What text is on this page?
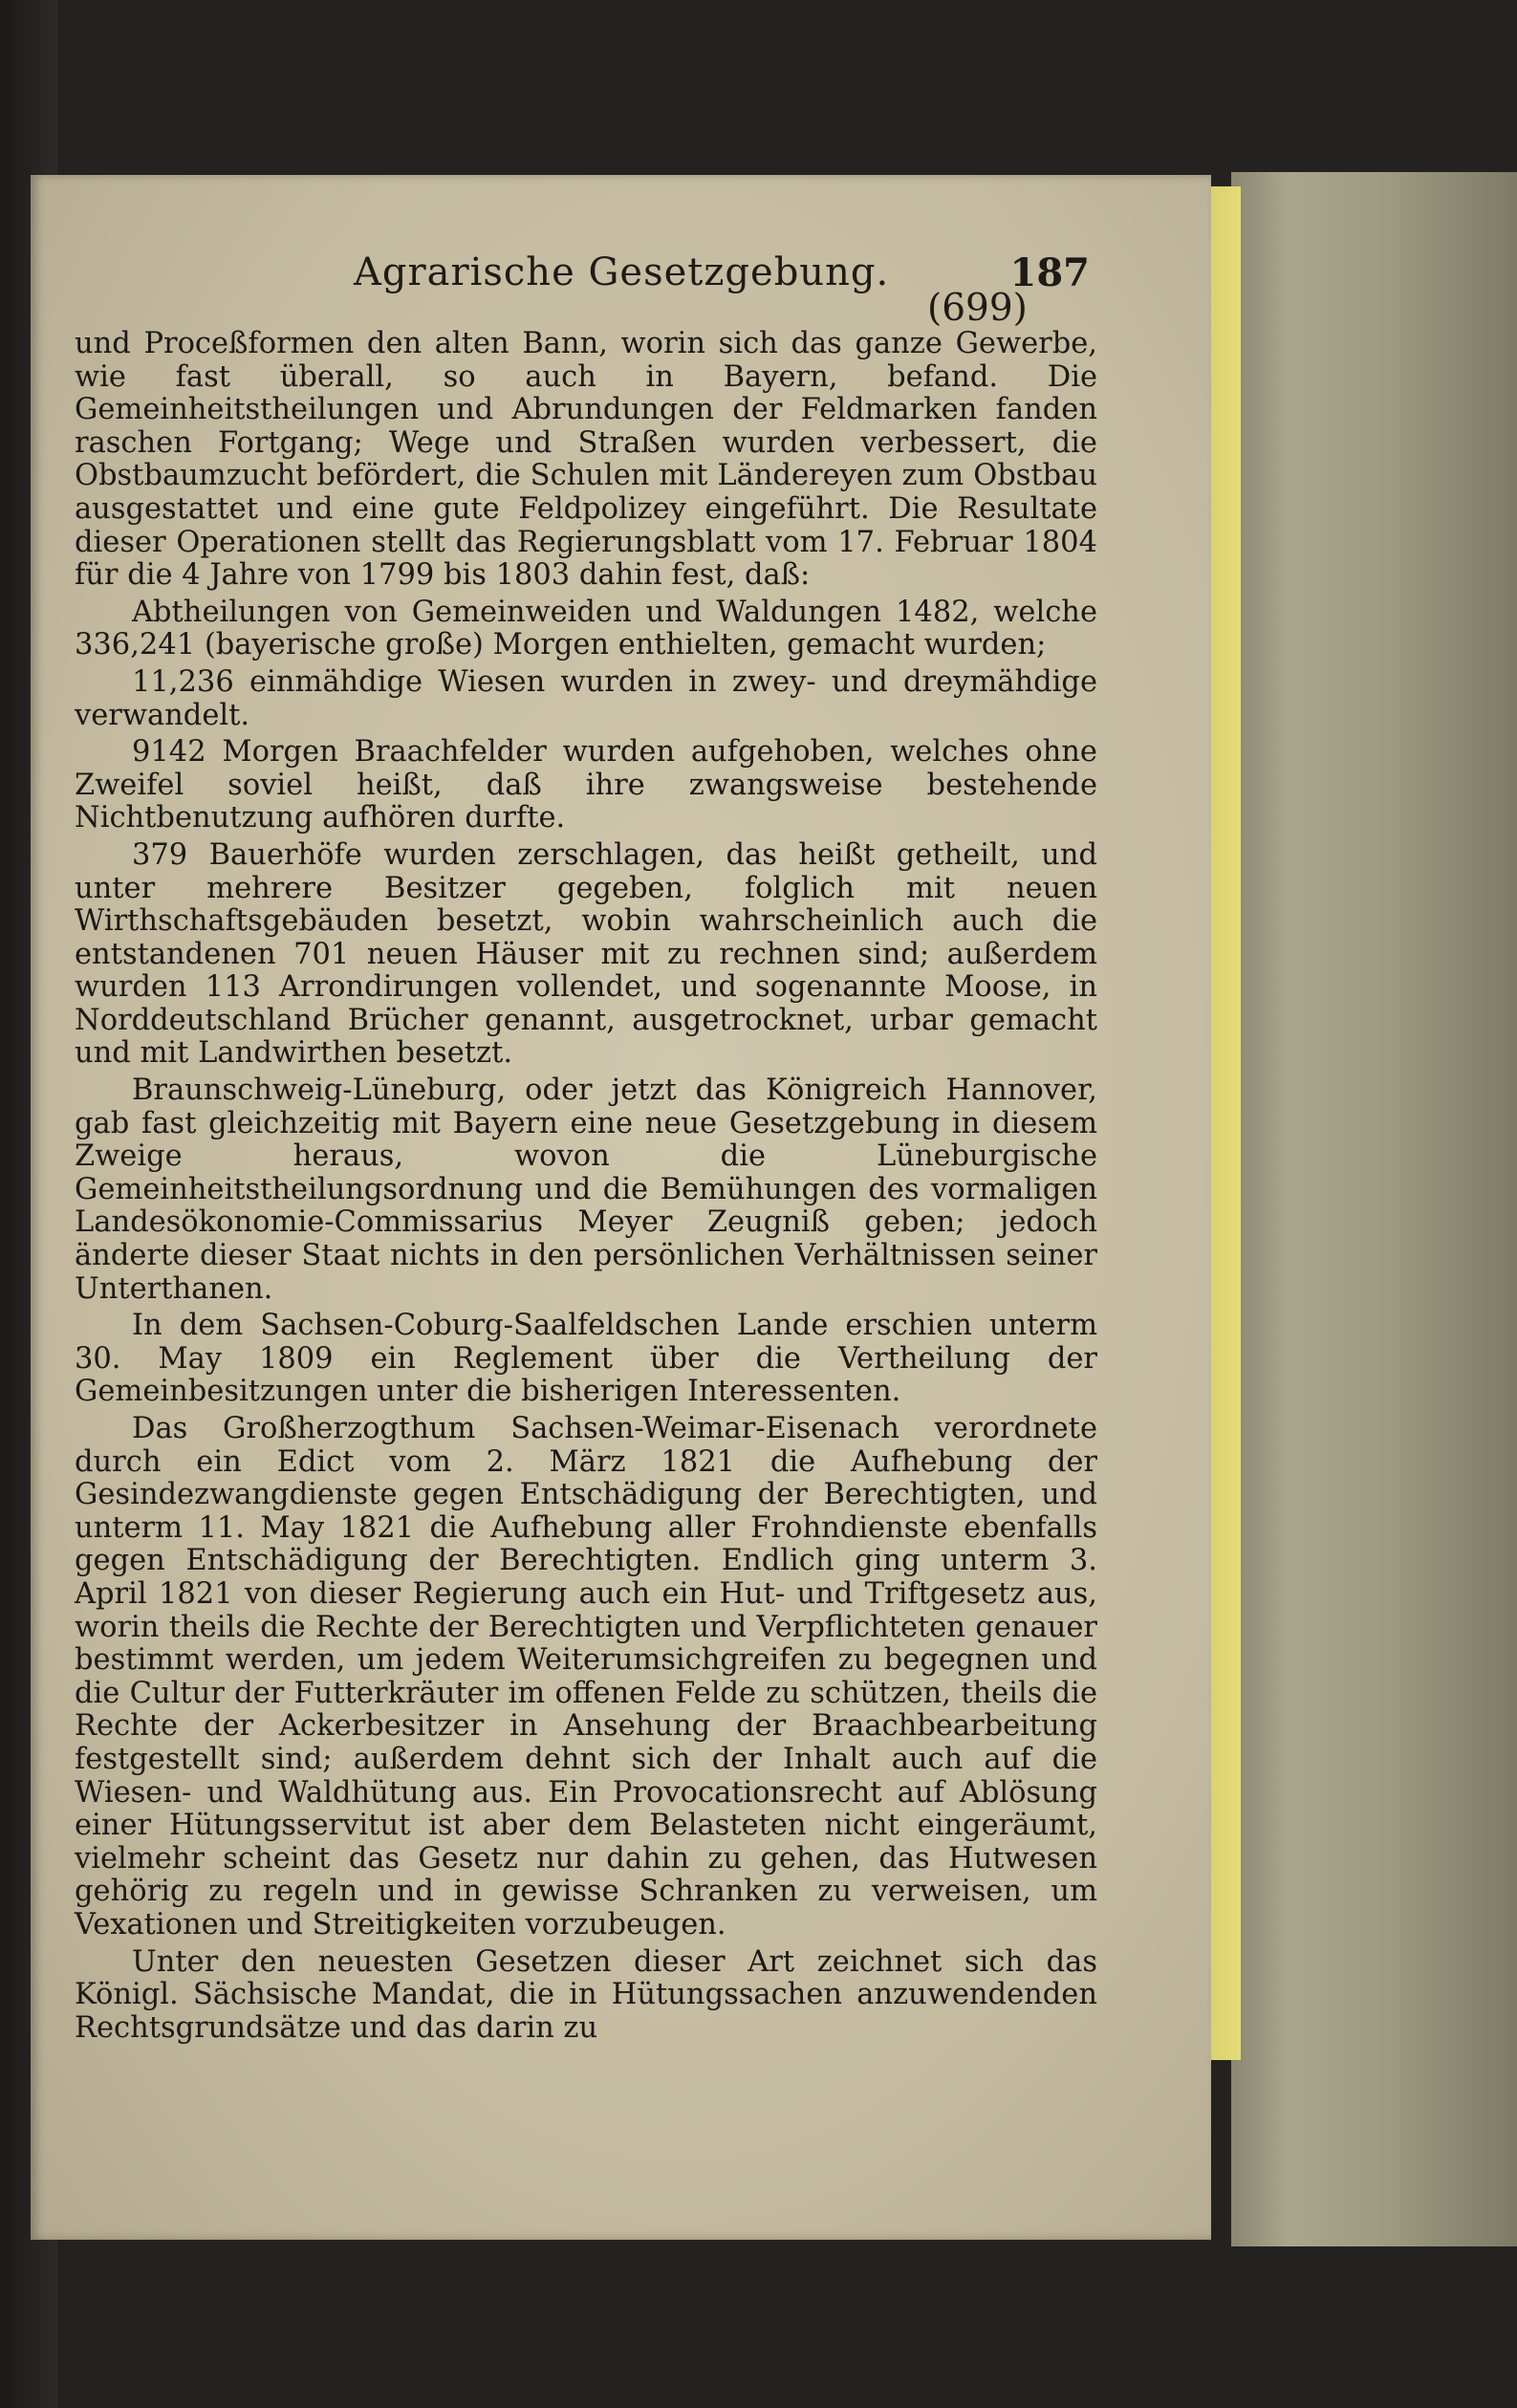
Agrarische Gesetzgebung.	187
(699)

und Proceßformen den alten Bann, worin sich das ganze Gewerbe, wie fast überall, so auch in Bayern, befand. Die Gemeinheitstheilungen und Abrundungen der Feldmarken fanden raschen Fortgang; Wege und Straßen wurden verbessert, die Obstbaumzucht befördert, die Schulen mit Ländereyen zum Obstbau ausgestattet und eine gute Feldpolizey eingeführt. Die Resultate dieser Operationen stellt das Regierungsblatt vom 17. Februar 1804 für die 4 Jahre von 1799 bis 1803 dahin fest, daß:

Abtheilungen von Gemeinweiden und Waldungen 1482, welche 336,241 (bayerische große) Morgen enthielten, gemacht wurden;

11,236 einmähdige Wiesen wurden in zwey- und dreymähdige verwandelt.

9142 Morgen Braachfelder wurden aufgehoben, welches ohne Zweifel soviel heißt, daß ihre zwangsweise bestehende Nichtbenutzung aufhören durfte.

379 Bauerhöfe wurden zerschlagen, das heißt getheilt, und unter mehrere Besitzer gegeben, folglich mit neuen Wirthschaftsgebäuden besetzt, wobin wahrscheinlich auch die entstandenen 701 neuen Häuser mit zu rechnen sind; außerdem wurden 113 Arrondirungen vollendet, und sogenannte Moose, in Norddeutschland Brücher genannt, ausgetrocknet, urbar gemacht und mit Landwirthen besetzt.

Braunschweig-Lüneburg, oder jetzt das Königreich Hannover, gab fast gleichzeitig mit Bayern eine neue Gesetzgebung in diesem Zweige heraus, wovon die Lüneburgische Gemeinheitstheilungsordnung und die Bemühungen des vormaligen Landesökonomie-Commissarius Meyer Zeugniß geben; jedoch änderte dieser Staat nichts in den persönlichen Verhältnissen seiner Unterthanen.

In dem Sachsen-Coburg-Saalfeldschen Lande erschien unterm 30. May 1809 ein Reglement über die Vertheilung der Gemeinbesitzungen unter die bisherigen Interessenten.

Das Großherzogthum Sachsen-Weimar-Eisenach verordnete durch ein Edict vom 2. März 1821 die Aufhebung der Gesindezwangdienste gegen Entschädigung der Berechtigten, und unterm 11. May 1821 die Aufhebung aller Frohndienste ebenfalls gegen Entschädigung der Berechtigten. Endlich ging unterm 3. April 1821 von dieser Regierung auch ein Hut- und Triftgesetz aus, worin theils die Rechte der Berechtigten und Verpflichteten genauer bestimmt werden, um jedem Weiterumsichgreifen zu begegnen und die Cultur der Futterkräuter im offenen Felde zu schützen, theils die Rechte der Ackerbesitzer in Ansehung der Braachbearbeitung festgestellt sind; außerdem dehnt sich der Inhalt auch auf die Wiesen- und Waldhütung aus. Ein Provocationsrecht auf Ablösung einer Hütungsservitut ist aber dem Belasteten nicht eingeräumt, vielmehr scheint das Gesetz nur dahin zu gehen, das Hutwesen gehörig zu regeln und in gewisse Schranken zu verweisen, um Vexationen und Streitigkeiten vorzubeugen.

Unter den neuesten Gesetzen dieser Art zeichnet sich das Königl. Sächsische Mandat, die in Hütungssachen anzuwendenden Rechtsgrundsätze und das darin zu
